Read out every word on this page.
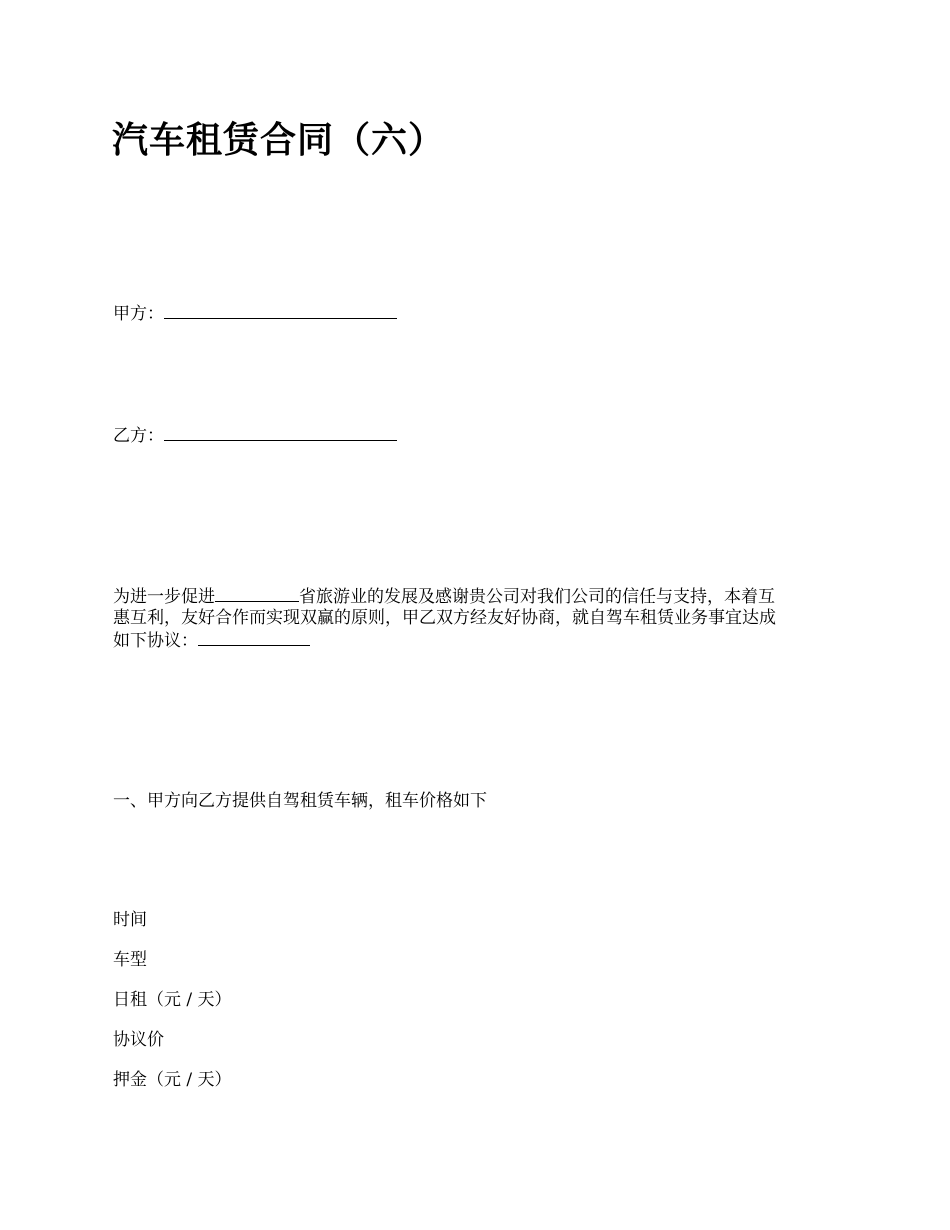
汽车租赁合同（六）
甲方：
乙方：
为进一步促进	省旅游业的发展及感谢贵公司对我们公司的信任与支持，本着互
惠互利，友好合作而实现双赢的原则，甲乙双方经友好协商，就自驾车租赁业务事宜达成
如下协议：
一、甲方向乙方提供自驾租赁车辆，租车价格如下
时间
车型
日租（元 / 天）
协议价
押金（元 / 天）
